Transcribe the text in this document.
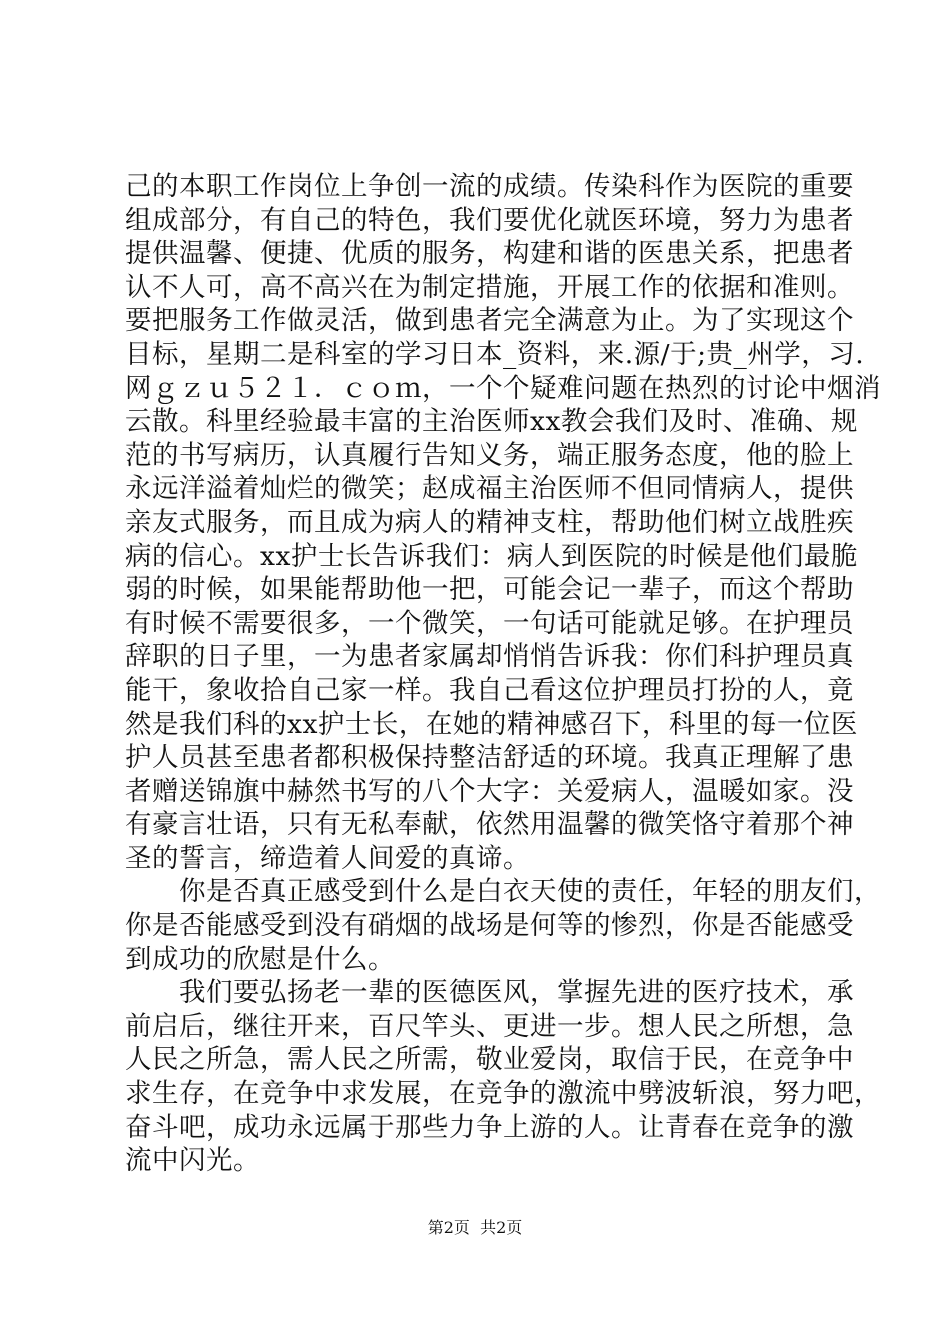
己的本职工作岗位上争创一流的成绩。传染科作为医院的重要
组成部分，有自己的特色，我们要优化就医环境，努力为患者
提供温馨、便捷、优质的服务，构建和谐的医患关系，把患者
认不人可，高不高兴在为制定措施，开展工作的依据和准则。
要把服务工作做灵活，做到患者完全满意为止。为了实现这个
目标，星期二是科室的学习日本_资料，来.源/于;贵_州学，习.
网ｇｚｕ５２１．ｃｏｍ，一个个疑难问题在热烈的讨论中烟消
云散。科里经验最丰富的主治医师xx教会我们及时、准确、规
范的书写病历，认真履行告知义务，端正服务态度，他的脸上
永远洋溢着灿烂的微笑；赵成福主治医师不但同情病人，提供
亲友式服务，而且成为病人的精神支柱，帮助他们树立战胜疾
病的信心。xx护士长告诉我们：病人到医院的时候是他们最脆
弱的时候，如果能帮助他一把，可能会记一辈子，而这个帮助
有时候不需要很多，一个微笑，一句话可能就足够。在护理员
辞职的日子里，一为患者家属却悄悄告诉我：你们科护理员真
能干，象收拾自己家一样。我自己看这位护理员打扮的人，竟
然是我们科的xx护士长，在她的精神感召下，科里的每一位医
护人员甚至患者都积极保持整洁舒适的环境。我真正理解了患
者赠送锦旗中赫然书写的八个大字：关爱病人，温暖如家。没
有豪言壮语，只有无私奉献，依然用温馨的微笑恪守着那个神
圣的誓言，缔造着人间爱的真谛。
　　你是否真正感受到什么是白衣天使的责任，年轻的朋友们，
你是否能感受到没有硝烟的战场是何等的惨烈，你是否能感受
到成功的欣慰是什么。
　　我们要弘扬老一辈的医德医风，掌握先进的医疗技术，承
前启后，继往开来，百尺竿头、更进一步。想人民之所想，急
人民之所急，需人民之所需，敬业爱岗，取信于民，在竞争中
求生存，在竞争中求发展，在竞争的激流中劈波斩浪，努力吧，
奋斗吧，成功永远属于那些力争上游的人。让青春在竞争的激
流中闪光。
第2页  共2页
